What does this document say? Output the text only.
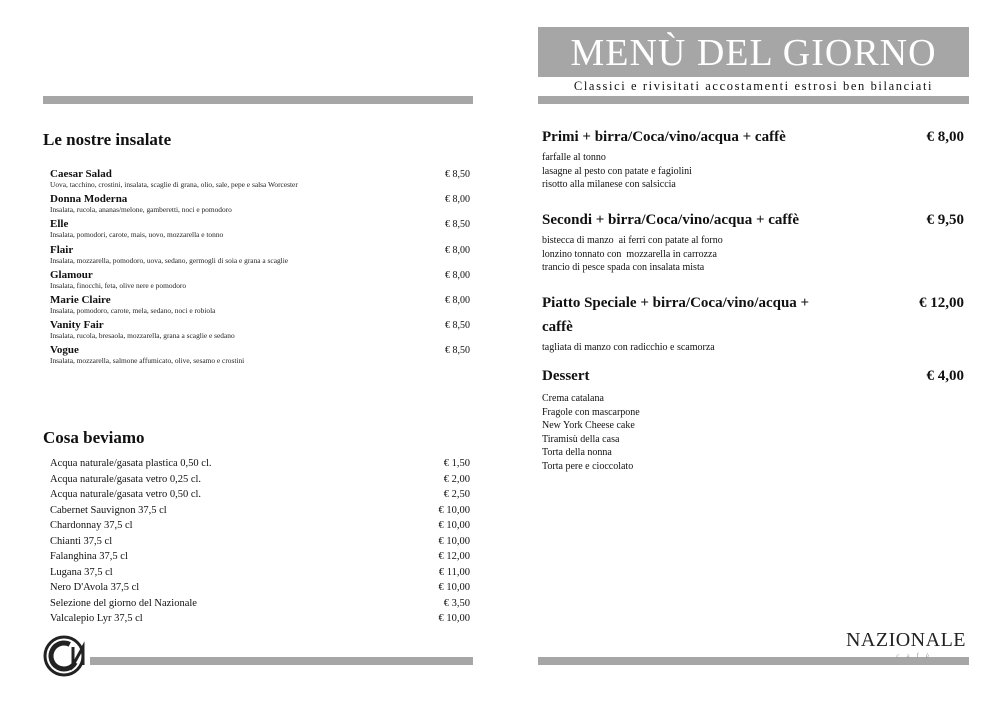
MENÙ DEL GIORNO
Classici e rivisitati accostamenti estrosi ben bilanciati
Le nostre insalate
Caesar Salad
Uova, tacchino, crostini, insalata, scaglie di grana, olio, sale, pepe e salsa Worcester
€ 8,50
Donna Moderna
Insalata, rucola, ananas/melone, gamberetti, noci e pomodoro
€ 8,00
Elle
Insalata, pomodori, carote, mais, uovo, mozzarella e tonno
€ 8,50
Flair
Insalata, mozzarella, pomodoro, uova, sedano, germogli di soia e grana a scaglie
€ 8,00
Glamour
Insalata, finocchi, feta, olive nere e pomodoro
€ 8,00
Marie Claire
Insalata, pomodoro, carote, mela, sedano, noci e robiola
€ 8,00
Vanity Fair
Insalata, rucola, bresaola, mozzarella, grana a scaglie e sedano
€ 8,50
Vogue
Insalata, mozzarella, salmone affumicato, olive, sesamo e crostini
€ 8,50
Cosa beviamo
Acqua naturale/gasata plastica 0,50 cl.	€ 1,50
Acqua naturale/gasata vetro 0,25 cl.	€ 2,00
Acqua naturale/gasata vetro 0,50 cl.	€ 2,50
Cabernet Sauvignon 37,5 cl	€ 10,00
Chardonnay 37,5 cl	€ 10,00
Chianti 37,5 cl	€ 10,00
Falanghina 37,5 cl	€ 12,00
Lugana 37,5 cl	€ 11,00
Nero D'Avola 37,5 cl	€ 10,00
Selezione del giorno del Nazionale	€ 3,50
Valcalepio Lyr 37,5 cl	€ 10,00
Primi + birra/Coca/vino/acqua + caffè	€ 8,00
farfalle al tonno
lasagne al pesto con patate e fagiolini
risotto alla milanese con salsiccia
Secondi + birra/Coca/vino/acqua + caffè	€ 9,50
bistecca di manzo  ai ferri con patate al forno
lonzino tonnato con  mozzarella in carrozza
trancio di pesce spada con insalata mista
Piatto Speciale + birra/Coca/vino/acqua + caffè
€ 12,00
tagliata di manzo con radicchio e scamorza
Dessert	€ 4,00
Crema catalana
Fragole con mascarpone
New York Cheese cake
Tiramisù della casa
Torta della nonna
Torta pere e cioccolato
NAZIONALE
cafè
